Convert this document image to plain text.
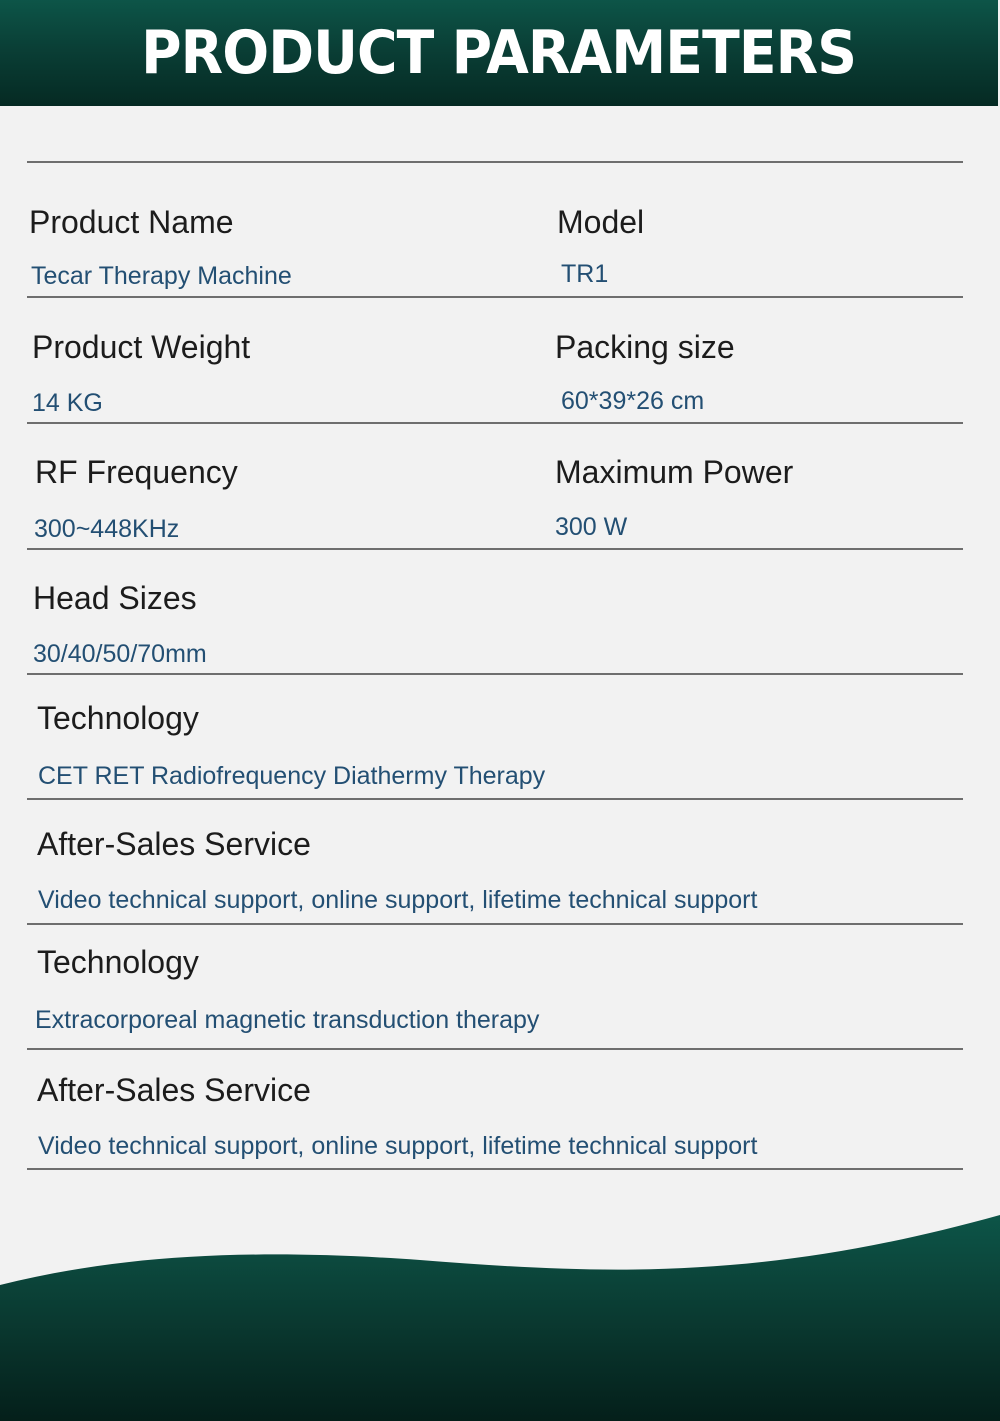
PRODUCT PARAMETERS
Product Name
Tecar Therapy Machine
Model
TR1
Product Weight
14 KG
Packing size
60*39*26 cm
RF Frequency
300~448KHz
Maximum Power
300 W
Head Sizes
30/40/50/70mm
Technology
CET RET Radiofrequency Diathermy Therapy
After-Sales Service
Video technical support, online support, lifetime technical support
Technology
Extracorporeal magnetic transduction therapy
After-Sales Service
Video technical support, online support, lifetime technical support
